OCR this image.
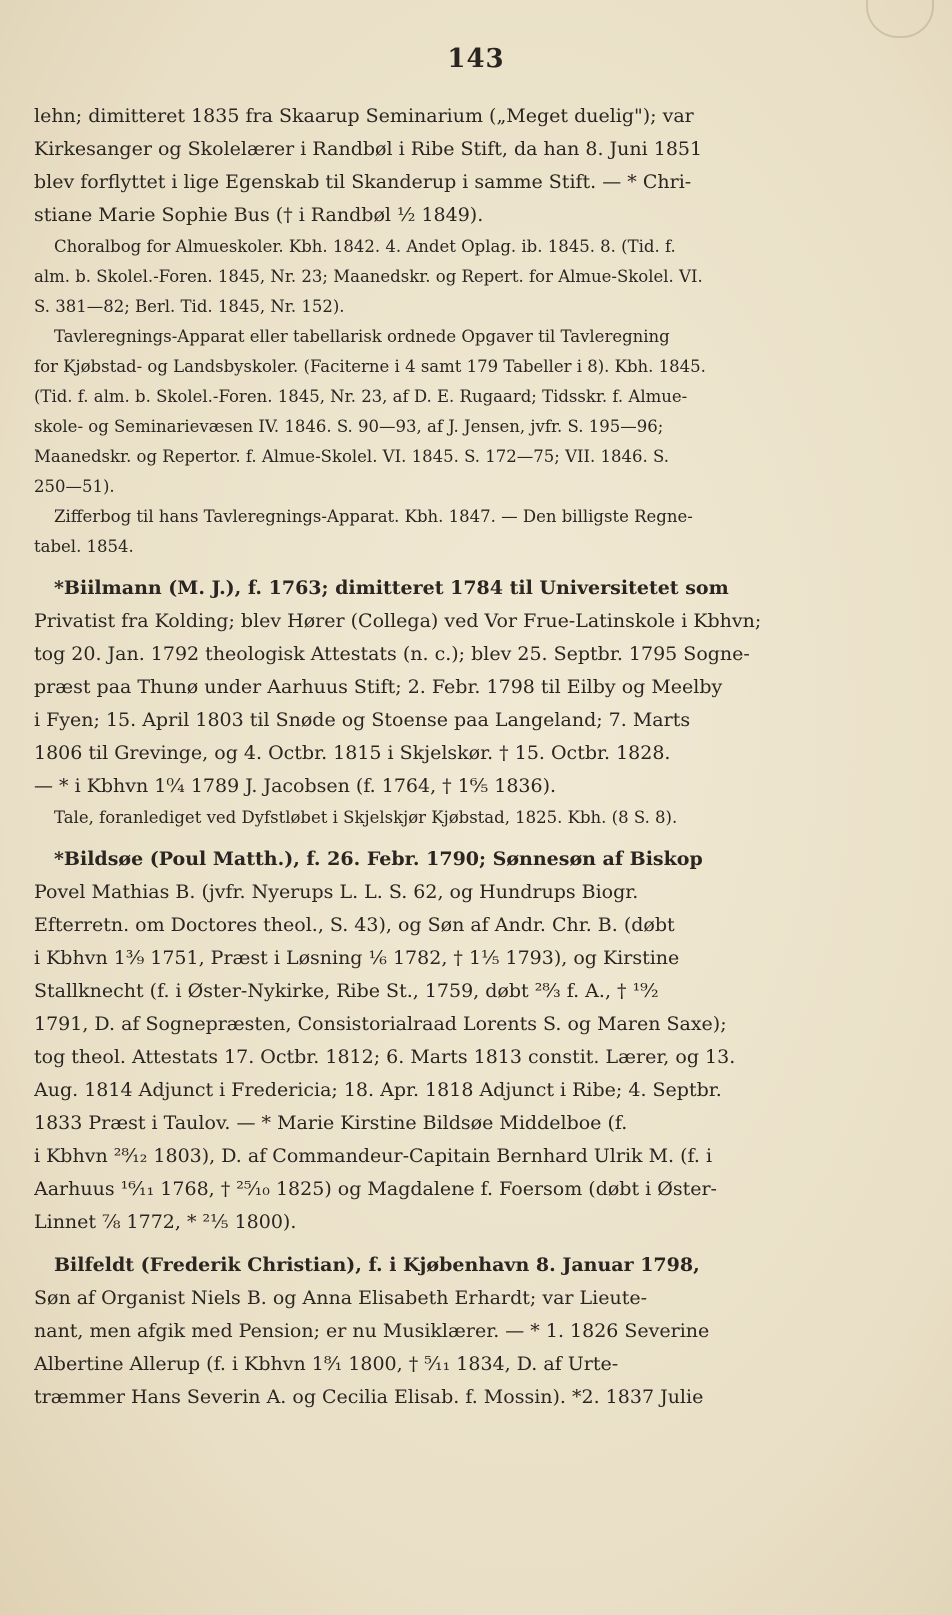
143
lehn; dimitteret 1835 fra Skaarup Seminarium („Meget duelig"); var
Kirkesanger og Skolelærer i Randbøl i Ribe Stift, da han 8. Juni 1851
blev forflyttet i lige Egenskab til Skanderup i samme Stift. — * Chri-
stiane Marie Sophie Bus († i Randbøl ½ 1849).
Choralbog for Almueskoler. Kbh. 1842. 4. Andet Oplag. ib. 1845. 8. (Tid. f.
alm. b. Skolel.-Foren. 1845, Nr. 23; Maanedskr. og Repert. for Almue-Skolel. VI.
S. 381—82; Berl. Tid. 1845, Nr. 152).
Tavleregnings-Apparat eller tabellarisk ordnede Opgaver til Tavleregning
for Kjøbstad- og Landsbyskoler. (Faciterne i 4 samt 179 Tabeller i 8). Kbh. 1845.
(Tid. f. alm. b. Skolel.-Foren. 1845, Nr. 23, af D. E. Rugaard; Tidsskr. f. Almue-
skole- og Seminarievæsen IV. 1846. S. 90—93, af J. Jensen, jvfr. S. 195—96;
Maanedskr. og Repertor. f. Almue-Skolel. VI. 1845. S. 172—75; VII. 1846. S.
250—51).
Zifferbog til hans Tavleregnings-Apparat. Kbh. 1847. — Den billigste Regne-
tabel. 1854.
*Biilmann (M. J.), f. 1763; dimitteret 1784 til Universitetet som
Privatist fra Kolding; blev Hører (Collega) ved Vor Frue-Latinskole i Kbhvn;
tog 20. Jan. 1792 theologisk Attestats (n. c.); blev 25. Septbr. 1795 Sogne-
præst paa Thunø under Aarhuus Stift; 2. Febr. 1798 til Eilby og Meelby
i Fyen; 15. April 1803 til Snøde og Stoense paa Langeland; 7. Marts
1806 til Grevinge, og 4. Octbr. 1815 i Skjelskør. † 15. Octbr. 1828.
— * i Kbhvn 1⁰⁄₄ 1789 J. Jacobsen (f. 1764, † 1⁶⁄₅ 1836).
Tale, foranlediget ved Dyfstløbet i Skjelskjør Kjøbstad, 1825. Kbh. (8 S. 8).
*Bildsøe (Poul Matth.), f. 26. Febr. 1790; Sønnesøn af Biskop
Povel Mathias B. (jvfr. Nyerups L. L. S. 62, og Hundrups Biogr.
Efterretn. om Doctores theol., S. 43), og Søn af Andr. Chr. B. (døbt
i Kbhvn 1³⁄₉ 1751, Præst i Løsning ⅙ 1782, † 1¹⁄₅ 1793), og Kirstine
Stallknecht (f. i Øster-Nykirke, Ribe St., 1759, døbt ²⁸⁄₃ f. A., † ¹⁹⁄₂
1791, D. af Sognepræsten, Consistorialraad Lorents S. og Maren Saxe);
tog theol. Attestats 17. Octbr. 1812; 6. Marts 1813 constit. Lærer, og 13.
Aug. 1814 Adjunct i Fredericia; 18. Apr. 1818 Adjunct i Ribe; 4. Septbr.
1833 Præst i Taulov. — * Marie Kirstine Bildsøe Middelboe (f.
i Kbhvn ²⁸⁄₁₂ 1803), D. af Commandeur-Capitain Bernhard Ulrik M. (f. i
Aarhuus ¹⁶⁄₁₁ 1768, † ²⁵⁄₁₀ 1825) og Magdalene f. Foersom (døbt i Øster-
Linnet ⅞ 1772, * ²¹⁄₅ 1800).
Bilfeldt (Frederik Christian), f. i Kjøbenhavn 8. Januar 1798,
Søn af Organist Niels B. og Anna Elisabeth Erhardt; var Lieute-
nant, men afgik med Pension; er nu Musiklærer. — * 1. 1826 Severine
Albertine Allerup (f. i Kbhvn 1⁸⁄₁ 1800, † ⁵⁄₁₁ 1834, D. af Urte-
træmmer Hans Severin A. og Cecilia Elisab. f. Mossin). *2. 1837 Julie
